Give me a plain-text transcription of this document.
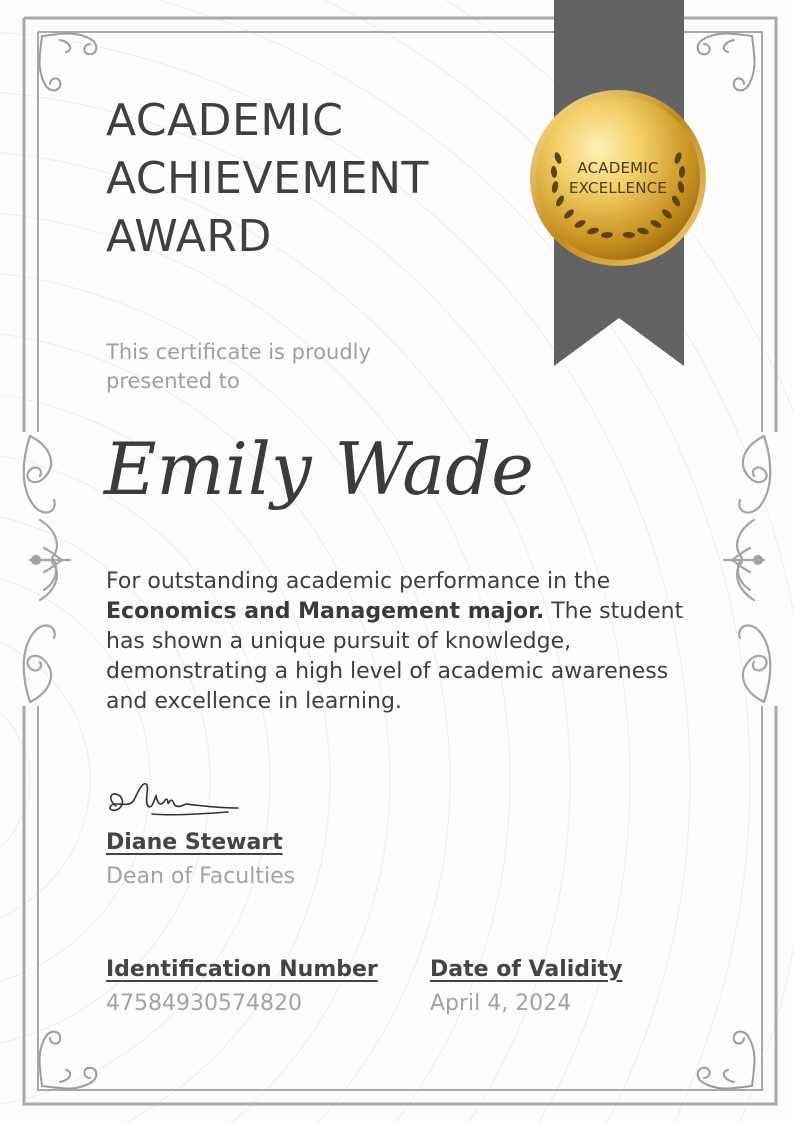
ACADEMIC
EXCELLENCE
ACADEMIC
ACHIEVEMENT
AWARD
This certificate is proudly presented to
Emily Wade
For outstanding academic performance in the Economics and Management major. The student has shown a unique pursuit of knowledge, demonstrating a high level of academic awareness and excellence in learning.
Diane Stewart
Dean of Faculties
Identification Number
47584930574820
Date of Validity
April 4, 2024
